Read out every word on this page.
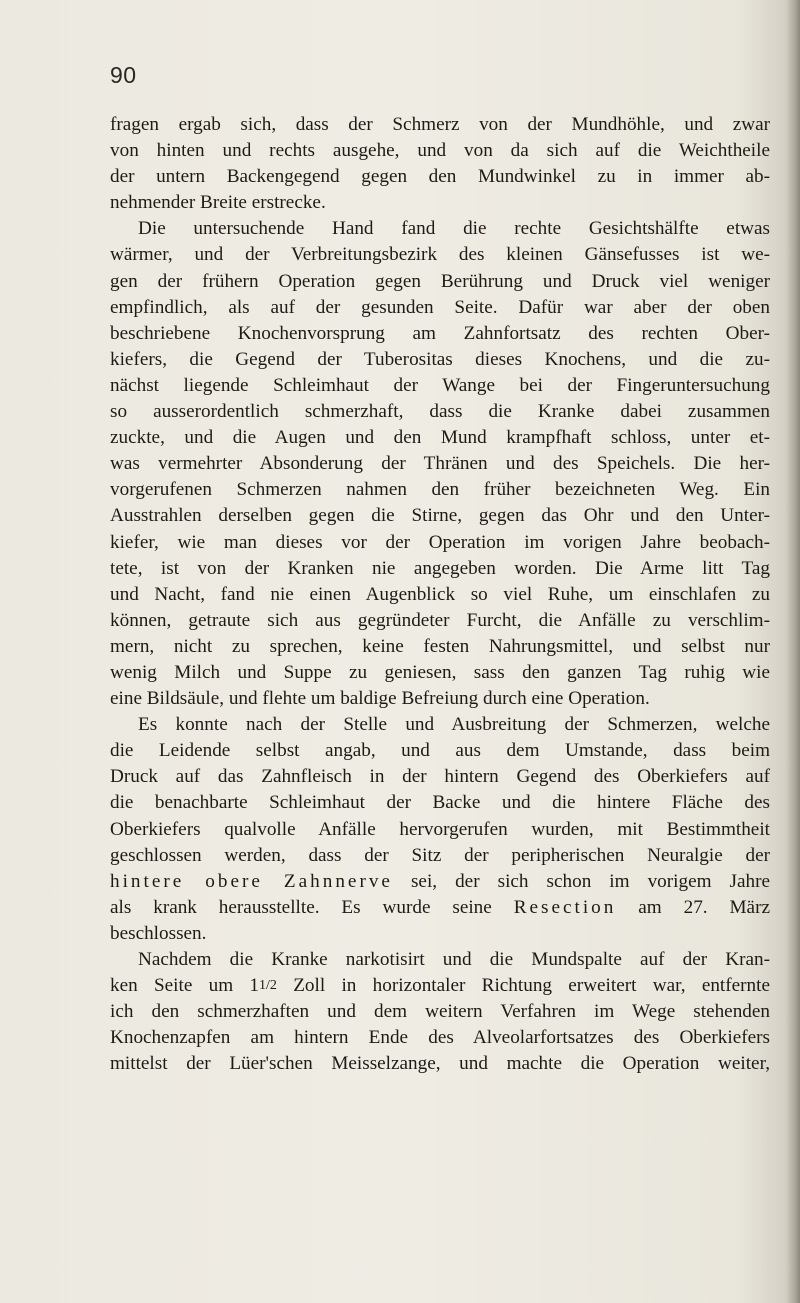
90
fragen ergab sich, dass der Schmerz von der Mundhöhle, und zwar
von hinten und rechts ausgehe, und von da sich auf die Weichtheile
der untern Backengegend gegen den Mundwinkel zu in immer ab-
nehmender Breite erstrecke.
Die untersuchende Hand fand die rechte Gesichtshälfte etwas
wärmer, und der Verbreitungsbezirk des kleinen Gänsefusses ist we-
gen der frühern Operation gegen Berührung und Druck viel weniger
empfindlich, als auf der gesunden Seite. Dafür war aber der oben
beschriebene Knochenvorsprung am Zahnfortsatz des rechten Ober-
kiefers, die Gegend der Tuberositas dieses Knochens, und die zu-
nächst liegende Schleimhaut der Wange bei der Fingeruntersuchung
so ausserordentlich schmerzhaft, dass die Kranke dabei zusammen
zuckte, und die Augen und den Mund krampfhaft schloss, unter et-
was vermehrter Absonderung der Thränen und des Speichels. Die her-
vorgerufenen Schmerzen nahmen den früher bezeichneten Weg. Ein
Ausstrahlen derselben gegen die Stirne, gegen das Ohr und den Unter-
kiefer, wie man dieses vor der Operation im vorigen Jahre beobach-
tete, ist von der Kranken nie angegeben worden. Die Arme litt Tag
und Nacht, fand nie einen Augenblick so viel Ruhe, um einschlafen zu
können, getraute sich aus gegründeter Furcht, die Anfälle zu verschlim-
mern, nicht zu sprechen, keine festen Nahrungsmittel, und selbst nur
wenig Milch und Suppe zu geniesen, sass den ganzen Tag ruhig wie
eine Bildsäule, und flehte um baldige Befreiung durch eine Operation.
Es konnte nach der Stelle und Ausbreitung der Schmerzen, welche
die Leidende selbst angab, und aus dem Umstande, dass beim
Druck auf das Zahnfleisch in der hintern Gegend des Oberkiefers auf
die benachbarte Schleimhaut der Backe und die hintere Fläche des
Oberkiefers qualvolle Anfälle hervorgerufen wurden, mit Bestimmtheit
geschlossen werden, dass der Sitz der peripherischen Neuralgie der
hintere obere Zahnnerve sei, der sich schon im vorigem Jahre
als krank herausstellte. Es wurde seine Resection am 27. März
beschlossen.
Nachdem die Kranke narkotisirt und die Mundspalte auf der Kran-
ken Seite um 11/2 Zoll in horizontaler Richtung erweitert war, entfernte
ich den schmerzhaften und dem weitern Verfahren im Wege stehenden
Knochenzapfen am hintern Ende des Alveolarfortsatzes des Oberkiefers
mittelst der Lüer'schen Meisselzange, und machte die Operation weiter,
